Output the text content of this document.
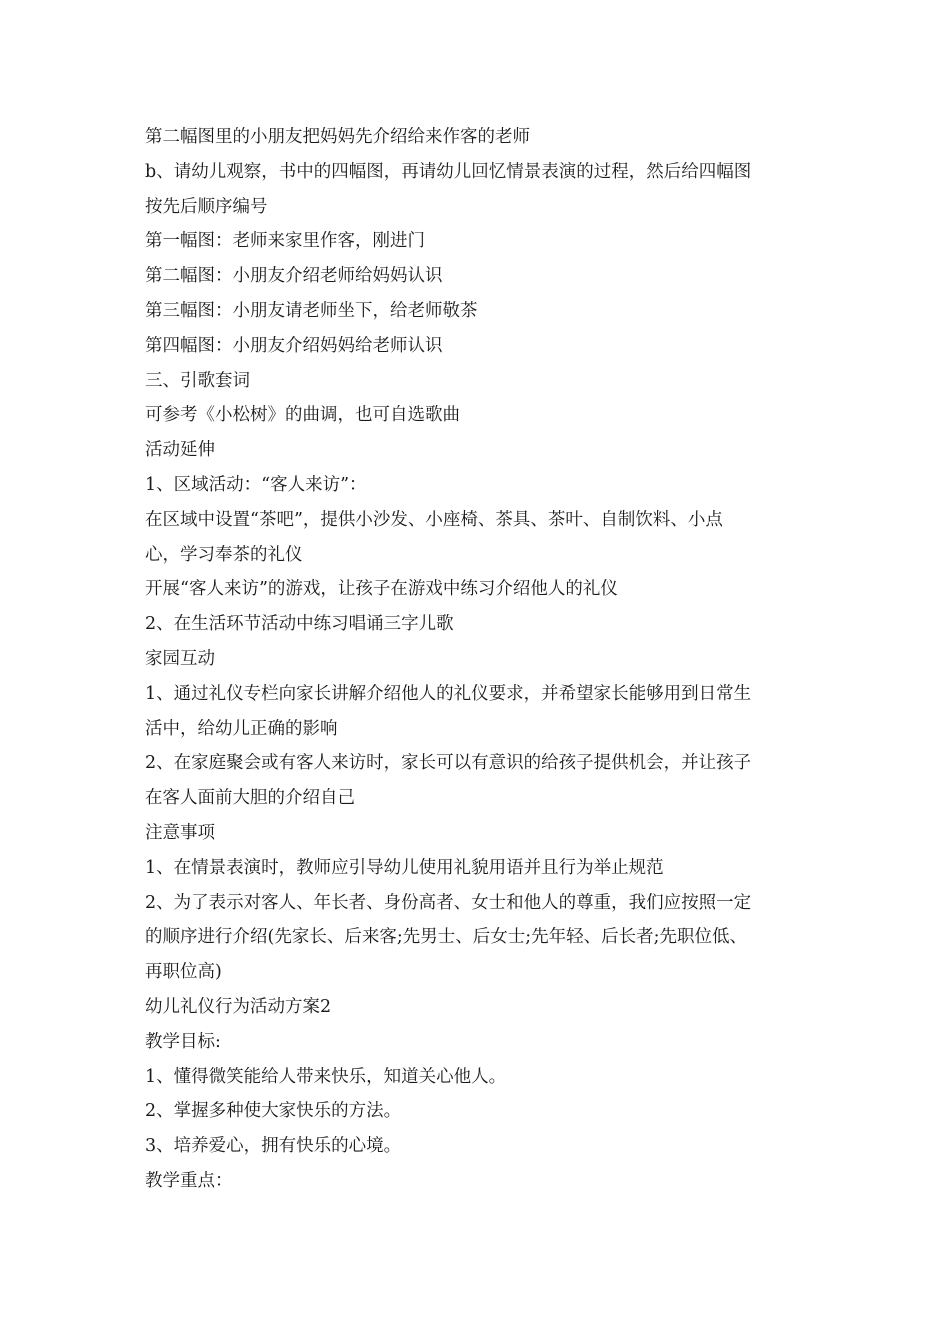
第二幅图里的小朋友把妈妈先介绍给来作客的老师
b、请幼儿观察，书中的四幅图，再请幼儿回忆情景表演的过程，然后给四幅图
按先后顺序编号
第一幅图：老师来家里作客，刚进门
第二幅图：小朋友介绍老师给妈妈认识
第三幅图：小朋友请老师坐下，给老师敬茶
第四幅图：小朋友介绍妈妈给老师认识
三、引歌套词
可参考《小松树》的曲调，也可自选歌曲
活动延伸
1、区域活动：“客人来访”：
在区域中设置“茶吧”，提供小沙发、小座椅、茶具、茶叶、自制饮料、小点
心，学习奉茶的礼仪
开展“客人来访”的游戏，让孩子在游戏中练习介绍他人的礼仪
2、在生活环节活动中练习唱诵三字儿歌
家园互动
1、通过礼仪专栏向家长讲解介绍他人的礼仪要求，并希望家长能够用到日常生
活中，给幼儿正确的影响
2、在家庭聚会或有客人来访时，家长可以有意识的给孩子提供机会，并让孩子
在客人面前大胆的介绍自己
注意事项
1、在情景表演时，教师应引导幼儿使用礼貌用语并且行为举止规范
2、为了表示对客人、年长者、身份高者、女士和他人的尊重，我们应按照一定
的顺序进行介绍(先家长、后来客;先男士、后女士;先年轻、后长者;先职位低、
再职位高)
幼儿礼仪行为活动方案2
教学目标:
1、懂得微笑能给人带来快乐，知道关心他人。
2、掌握多种使大家快乐的方法。
3、培养爱心，拥有快乐的心境。
教学重点：
